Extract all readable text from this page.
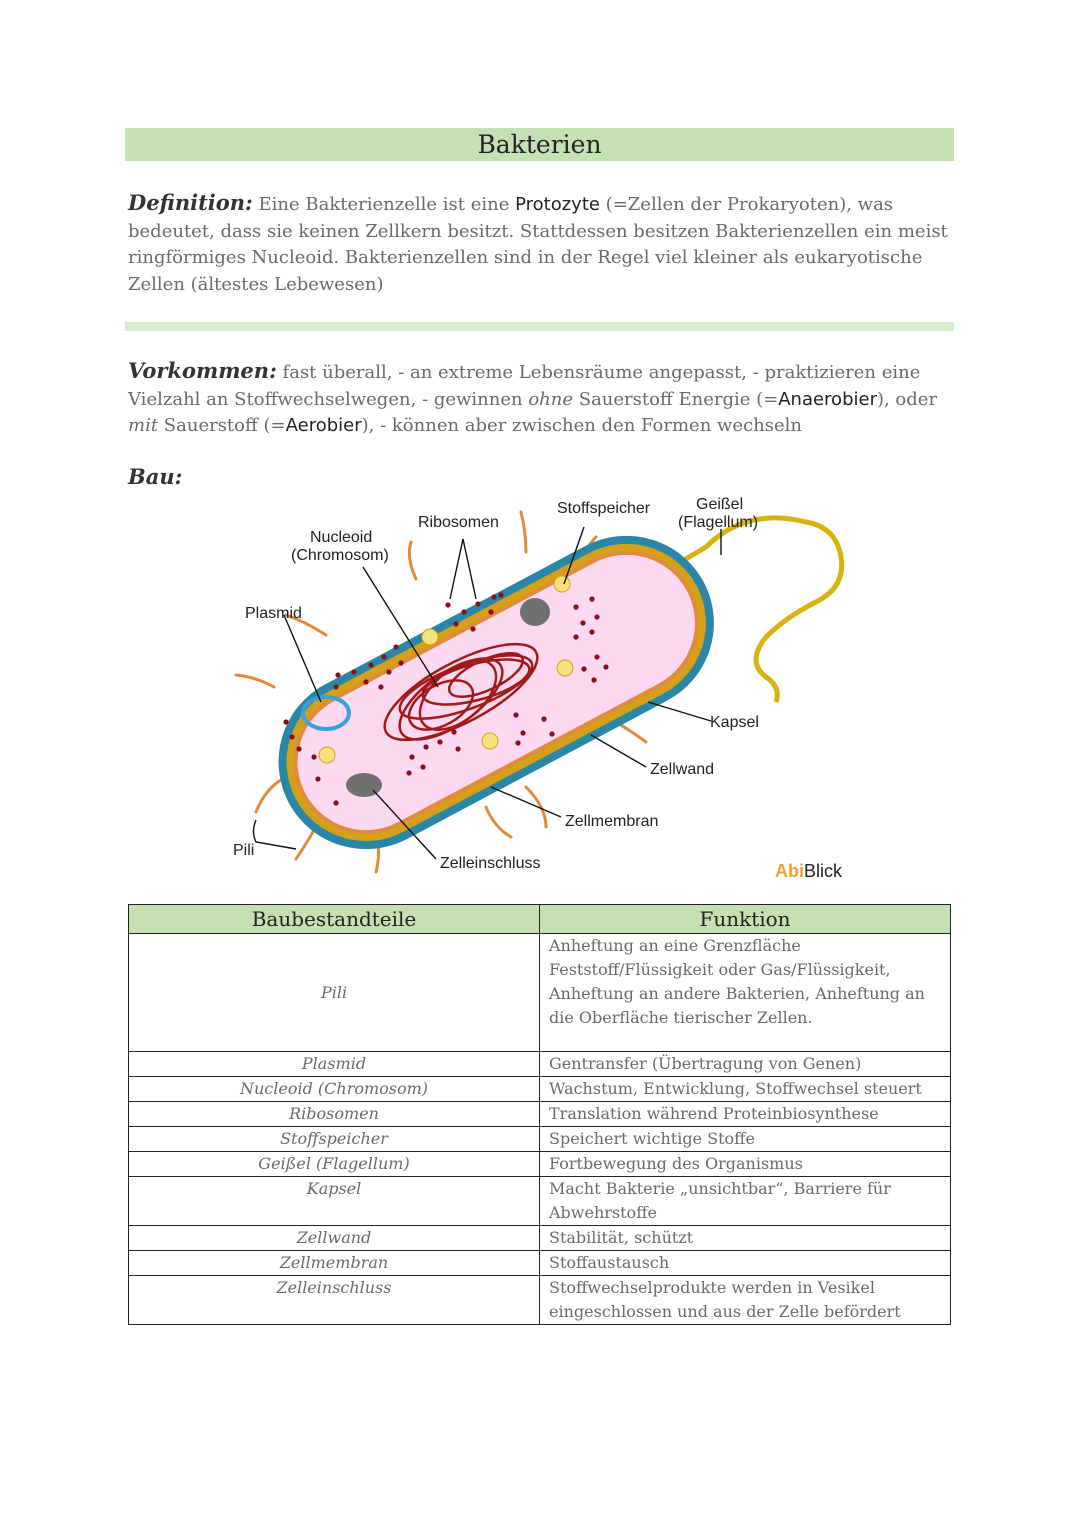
Bakterien
Definition: Eine Bakterienzelle ist eine Protozyte (=Zellen der Prokaryoten), was bedeutet, dass sie keinen Zellkern besitzt. Stattdessen besitzen Bakterienzellen ein meist ringförmiges Nucleoid. Bakterienzellen sind in der Regel viel kleiner als eukaryotische Zellen (ältestes Lebewesen)
Vorkommen: fast überall, - an extreme Lebensräume angepasst, - praktizieren eine Vielzahl an Stoffwechselwegen, - gewinnen ohne Sauerstoff Energie (=Anaerobier), oder mit Sauerstoff (=Aerobier), - können aber zwischen den Formen wechseln
Bau:
Ribosomen
Stoffspeicher	Geißel
(Flagellum)
Nucleoid
(Chromosom)
Plasmid
Kapsel
Zellwand
Zellmembran
Pili
Zelleinschluss	AbiBlick
Baubestandteile	Funktion
Pili	Anheftung an eine Grenzfläche Feststoff/Flüssigkeit oder Gas/Flüssigkeit, Anheftung an andere Bakterien, Anheftung an die Oberfläche tierischer Zellen.
Plasmid	Gentransfer (Übertragung von Genen)
Nucleoid (Chromosom)	Wachstum, Entwicklung, Stoffwechsel steuert
Ribosomen	Translation während Proteinbiosynthese
Stoffspeicher	Speichert wichtige Stoffe
Geißel (Flagellum)	Fortbewegung des Organismus
Kapsel	Macht Bakterie „unsichtbar“, Barriere für Abwehrstoffe
Zellwand	Stabilität, schützt
Zellmembran	Stoffaustausch
Zelleinschluss	Stoffwechselprodukte werden in Vesikel eingeschlossen und aus der Zelle befördert
